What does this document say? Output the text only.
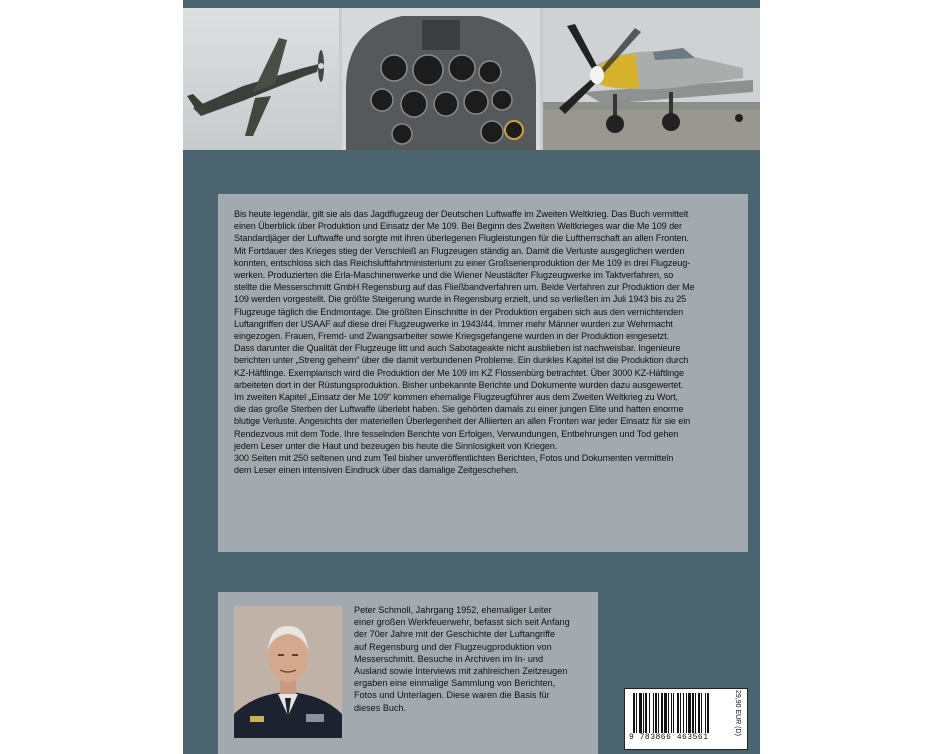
Bis heute legendär, gilt sie als das Jagdflugzeug der Deutschen Luftwaffe im Zweiten Weltkrieg. Das Buch vermittelt
einen Überblick über Produktion und Einsatz der Me 109. Bei Beginn des Zweiten Weltkrieges war die Me 109 der
Standardjäger der Luftwaffe und sorgte mit ihren überlegenen Flugleistungen für die Luftherrschaft an allen Fronten.
Mit Fortdauer des Krieges stieg der Verschleiß an Flugzeugen ständig an. Damit die Verluste ausgeglichen werden
konnten, entschloss sich das Reichsluftfahrtministerium zu einer Großserienproduktion der Me 109 in drei Flugzeug-
werken. Produzierten die Erla-Maschinenwerke und die Wiener Neustädter Flugzeugwerke im Taktverfahren, so
stellte die Messerschmitt GmbH Regensburg auf das Fließbandverfahren um. Beide Verfahren zur Produktion der Me
109 werden vorgestellt. Die größte Steigerung wurde in Regensburg erzielt, und so verließen im Juli 1943 bis zu 25
Flugzeuge täglich die Endmontage. Die größten Einschnitte in der Produktion ergaben sich aus den vernichtenden
Luftangriffen der USAAF auf diese drei Flugzeugwerke in 1943/44. Immer mehr Männer wurden zur Wehrmacht
eingezogen. Frauen, Fremd- und Zwangsarbeiter sowie Kriegsgefangene wurden in der Produktion eingesetzt.
Dass darunter die Qualität der Flugzeuge litt und auch Sabotageakte nicht ausblieben ist nachweisbar. Ingenieure
berichten unter „Streng geheim“ über die damit verbundenen Probleme. Ein dunkles Kapitel ist die Produktion durch
KZ-Häftlinge. Exemplarisch wird die Produktion der Me 109 im KZ Flossenbürg betrachtet. Über 3000 KZ-Häftlinge
arbeiteten dort in der Rüstungsproduktion. Bisher unbekannte Berichte und Dokumente wurden dazu ausgewertet.
Im zweiten Kapitel „Einsatz der Me 109“ kommen ehemalige Flugzeugführer aus dem Zweiten Weltkrieg zu Wort,
die das große Sterben der Luftwaffe überlebt haben. Sie gehörten damals zu einer jungen Elite und hatten enorme
blutige Verluste. Angesichts der materiellen Überlegenheit der Alliierten an allen Fronten war jeder Einsatz für sie ein
Rendezvous mit dem Tode. Ihre fesselnden Berichte von Erfolgen, Verwundungen, Entbehrungen und Tod gehen
jedem Leser unter die Haut und bezeugen bis heute die Sinnlosigkeit von Kriegen.
300 Seiten mit 250 seltenen und zum Teil bisher unveröffentlichten Berichten, Fotos und Dokumenten vermitteln
dem Leser einen intensiven Eindruck über das damalige Zeitgeschehen.

Peter Schmoll, Jahrgang 1952, ehemaliger Leiter
einer großen Werkfeuerwehr, befasst sich seit Anfang
der 70er Jahre mit der Geschichte der Luftangriffe
auf Regensburg und der Flugzeugproduktion von
Messerschmitt. Besuche in Archiven im In- und
Ausland sowie Interviews mit zahlreichen Zeitzeugen
ergaben eine einmalige Sammlung von Berichten,
Fotos und Unterlagen. Diese waren die Basis für
dieses Buch.

9 783866 463561
29,90 EUR (D)
